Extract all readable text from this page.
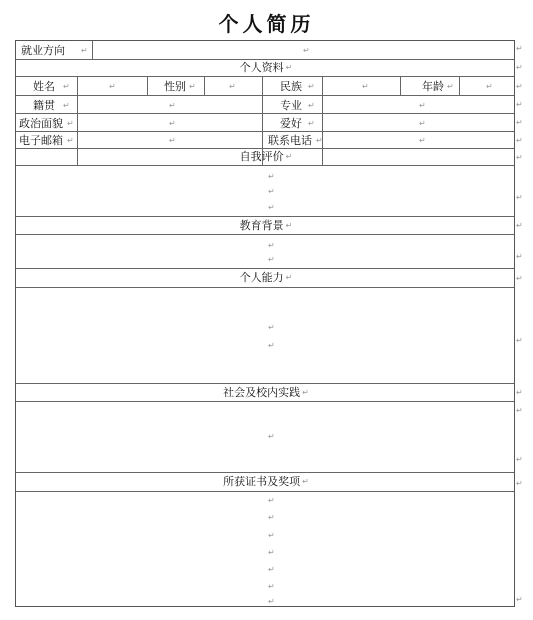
个人简历
就业方向 ↵	↵
个人资料 ↵
姓名 ↵	↵	性别 ↵	↵	民族 ↵	↵	年龄 ↵	↵
籍贯 ↵	↵	专业 ↵	↵
政治面貌 ↵	↵	爱好 ↵	↵
电子邮箱 ↵	↵	联系电话 ↵	↵
自我评价 ↵
↵
↵
↵
教育背景 ↵
↵
↵
个人能力 ↵
↵
↵
社会及校内实践 ↵
↵
所获证书及奖项 ↵
↵
↵
↵
↵
↵
↵
↵
↵
↵
↵
↵
↵
↵
↵
↵
↵
↵
↵
↵
↵
↵
↵
↵
↵
